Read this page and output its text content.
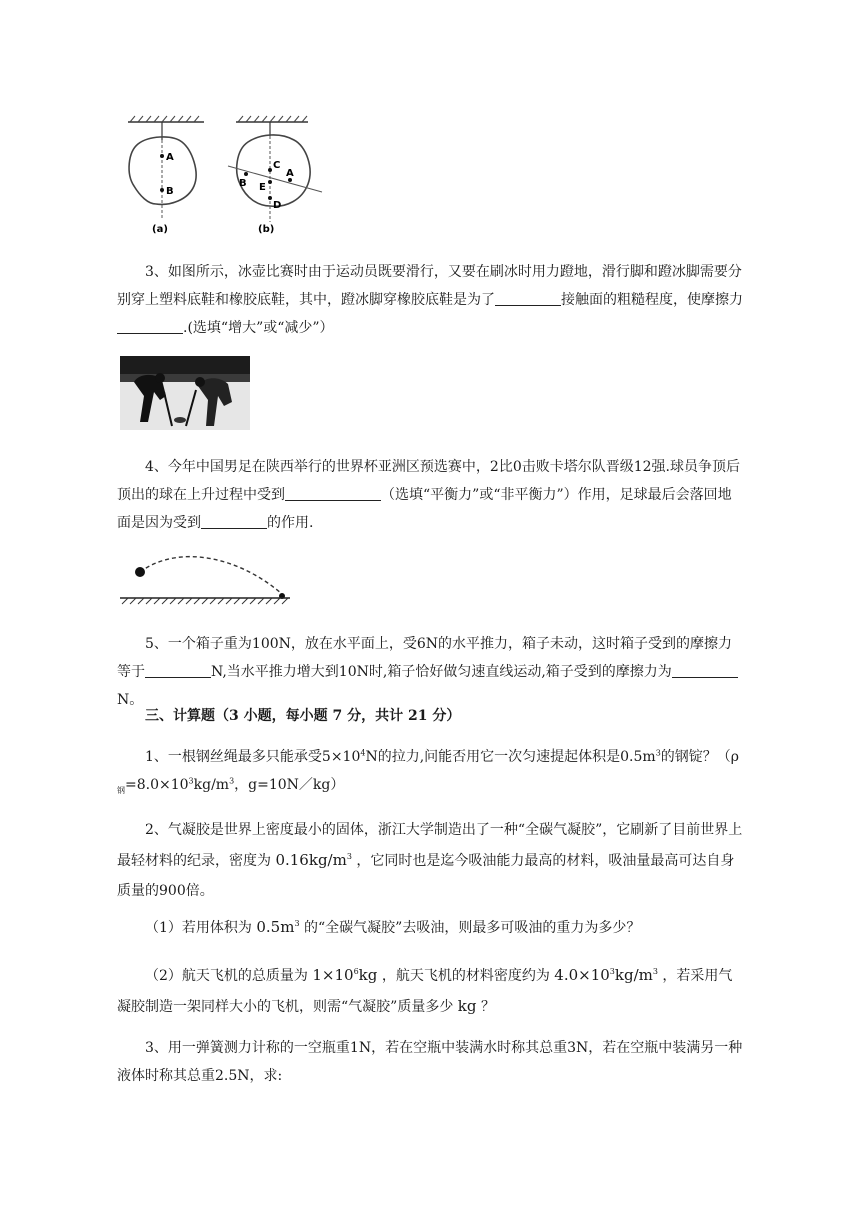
A
B
(a)
C
B E
A
D
(b)

3、如图所示，冰壶比赛时由于运动员既要滑行，又要在刷冰时用力蹬地，滑行脚和蹬冰脚需要分别穿上塑料底鞋和橡胶底鞋，其中，蹬冰脚穿橡胶底鞋是为了	接触面的粗糙程度，使摩擦力.(选填“增大”或“减少”）

4、今年中国男足在陕西举行的世界杯亚洲区预选赛中，2比0击败卡塔尔队晋级12强.球员争顶后顶出的球在上升过程中受到	（选填“平衡力”或“非平衡力”）作用，足球最后会落回地面是因为受到	的作用.

5、一个箱子重为100N，放在水平面上，受6N的水平推力，箱子未动，这时箱子受到的摩擦力等于	N,当水平推力增大到10N时,箱子恰好做匀速直线运动,箱子受到的摩擦力为N。

三、计算题（3 小题，每小题 7 分，共计 21 分）

1、一根钢丝绳最多只能承受$5\times 10^4N$的拉力,问能否用它一次匀速提起体积是$0.5m^3$的钢锭？（$\rho_钢=8.0\times 10^3kg/m^3$，g=10N／kg）

2、气凝胶是世界上密度最小的固体，浙江大学制造出了一种“全碳气凝胶”，它刷新了目前世界上最轻材料的纪录，密度为 $0.16kg/m^3$ ，它同时也是迄今吸油能力最高的材料，吸油量最高可达自身质量的900倍。

（1）若用体积为 $0.5m^3$ 的“全碳气凝胶”去吸油，则最多可吸油的重力为多少？

（2）航天飞机的总质量为 $1\times 10^6kg$ ，航天飞机的材料密度约为 $4.0\times 10^3kg/m^3$ ，若采用气凝胶制造一架同样大小的飞机，则需“气凝胶”质量多少 kg ？

3、用一弹簧测力计称的一空瓶重1N，若在空瓶中装满水时称其总重3N，若在空瓶中装满另一种液体时称其总重2.5N，求:
